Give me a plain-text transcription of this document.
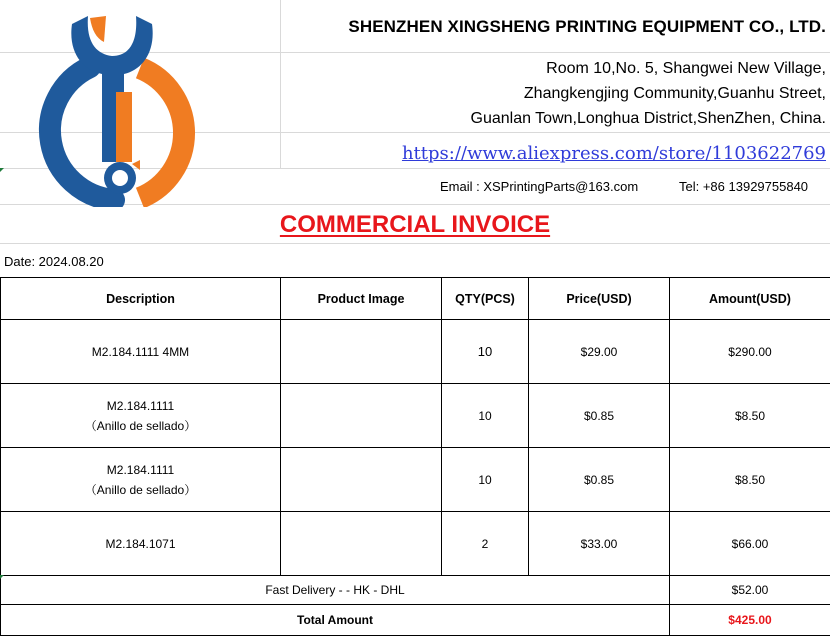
SHENZHEN XINGSHENG PRINTING EQUIPMENT CO., LTD.
Room 10,No. 5, Shangwei New Village,
Zhangkengjing Community,Guanhu Street,
Guanlan Town,Longhua District,ShenZhen, China.
https://www.aliexpress.com/store/1103622769
Email : XSPrintingParts@163.com	Tel: +86 13929755840
COMMERCIAL INVOICE
Date: 2024.08.20
Description	Product Image	QTY(PCS)	Price(USD)	Amount(USD)
M2.184.1111 4MM		10	$29.00	$290.00
M2.184.1111
（Anillo de sellado）		10	$0.85	$8.50
M2.184.1111
（Anillo de sellado）		10	$0.85	$8.50
M2.184.1071		2	$33.00	$66.00
Fast Delivery - - HK - DHL				$52.00
Total Amount				$425.00
